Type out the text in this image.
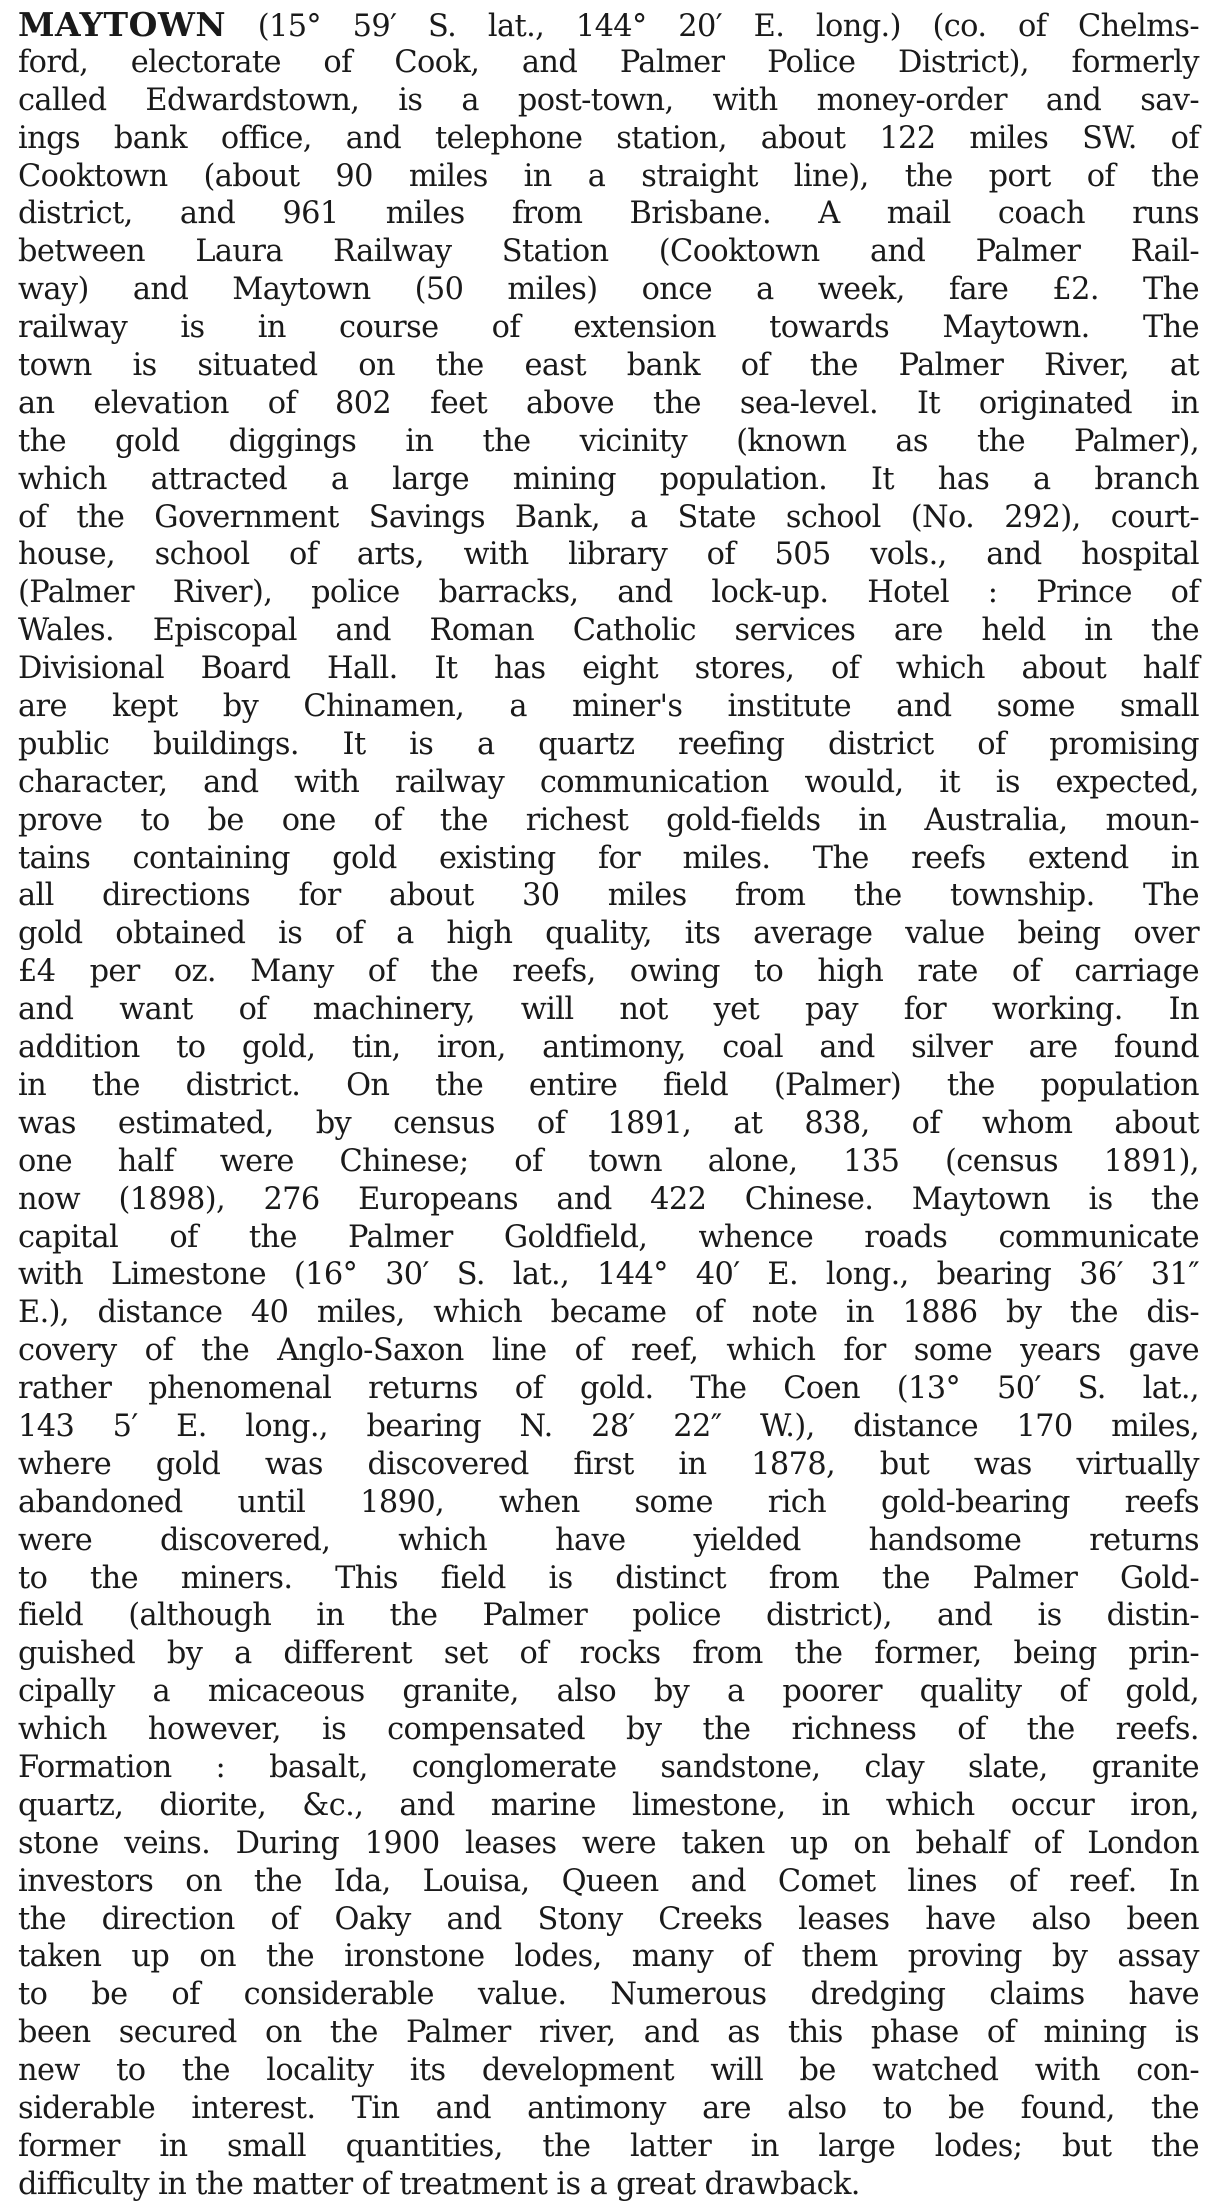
MAYTOWN (15° 59′ S. lat., 144° 20′ E. long.) (co. of Chelms-
ford, electorate of Cook, and Palmer Police District), formerly
called Edwardstown, is a post-town, with money-order and sav-
ings bank office, and telephone station, about 122 miles SW. of
Cooktown (about 90 miles in a straight line), the port of the
district, and 961 miles from Brisbane. A mail coach runs
between Laura Railway Station (Cooktown and Palmer Rail-
way) and Maytown (50 miles) once a week, fare £2. The
railway is in course of extension towards Maytown. The
town is situated on the east bank of the Palmer River, at
an elevation of 802 feet above the sea-level. It originated in
the gold diggings in the vicinity (known as the Palmer),
which attracted a large mining population. It has a branch
of the Government Savings Bank, a State school (No. 292), court-
house, school of arts, with library of 505 vols., and hospital
(Palmer River), police barracks, and lock-up. Hotel : Prince of
Wales. Episcopal and Roman Catholic services are held in the
Divisional Board Hall. It has eight stores, of which about half
are kept by Chinamen, a miner's institute and some small
public buildings. It is a quartz reefing district of promising
character, and with railway communication would, it is expected,
prove to be one of the richest gold-fields in Australia, moun-
tains containing gold existing for miles. The reefs extend in
all directions for about 30 miles from the township. The
gold obtained is of a high quality, its average value being over
£4 per oz. Many of the reefs, owing to high rate of carriage
and want of machinery, will not yet pay for working. In
addition to gold, tin, iron, antimony, coal and silver are found
in the district. On the entire field (Palmer) the population
was estimated, by census of 1891, at 838, of whom about
one half were Chinese; of town alone, 135 (census 1891),
now (1898), 276 Europeans and 422 Chinese. Maytown is the
capital of the Palmer Goldfield, whence roads communicate
with Limestone (16° 30′ S. lat., 144° 40′ E. long., bearing 36′ 31″
E.), distance 40 miles, which became of note in 1886 by the dis-
covery of the Anglo-Saxon line of reef, which for some years gave
rather phenomenal returns of gold. The Coen (13° 50′ S. lat.,
143 5′ E. long., bearing N. 28′ 22″ W.), distance 170 miles,
where gold was discovered first in 1878, but was virtually
abandoned until 1890, when some rich gold-bearing reefs
were discovered, which have yielded handsome returns
to the miners. This field is distinct from the Palmer Gold-
field (although in the Palmer police district), and is distin-
guished by a different set of rocks from the former, being prin-
cipally a micaceous granite, also by a poorer quality of gold,
which however, is compensated by the richness of the reefs.
Formation : basalt, conglomerate sandstone, clay slate, granite
quartz, diorite, &c., and marine limestone, in which occur iron,
stone veins. During 1900 leases were taken up on behalf of London
investors on the Ida, Louisa, Queen and Comet lines of reef. In
the direction of Oaky and Stony Creeks leases have also been
taken up on the ironstone lodes, many of them proving by assay
to be of considerable value. Numerous dredging claims have
been secured on the Palmer river, and as this phase of mining is
new to the locality its development will be watched with con-
siderable interest. Tin and antimony are also to be found, the
former in small quantities, the latter in large lodes; but the
difficulty in the matter of treatment is a great drawback.
